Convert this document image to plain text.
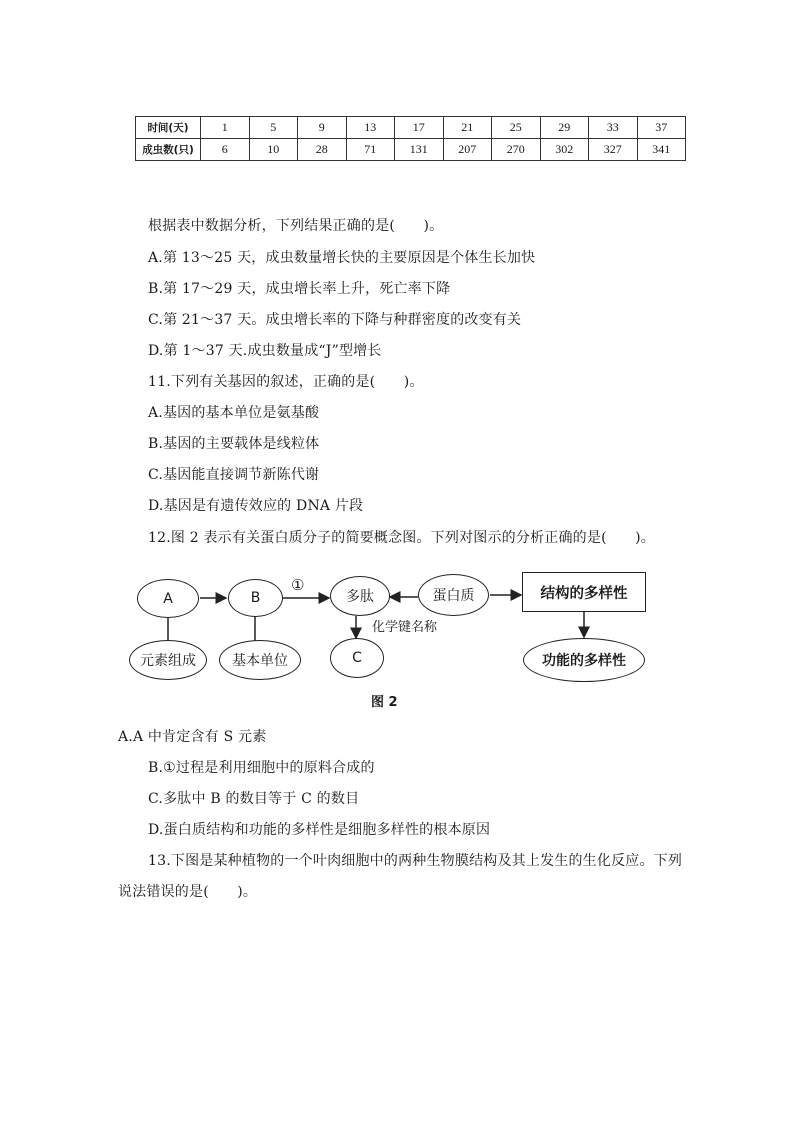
时间(天)	1	5	9	13	17	21	25	29	33	37
成虫数(只)	6	10	28	71	131	207	270	302	327	341
根据表中数据分析，下列结果正确的是(　　)。
A.第 13～25 天，成虫数量增长快的主要原因是个体生长加快
B.第 17～29 天，成虫增长率上升，死亡率下降
C.第 21～37 天。成虫增长率的下降与种群密度的改变有关
D.第 1～37 天.成虫数量成“J”型增长
11.下列有关基因的叙述，正确的是(　　)。
A.基因的基本单位是氨基酸
B.基因的主要载体是线粒体
C.基因能直接调节新陈代谢
D.基因是有遗传效应的 DNA 片段
12.图 2 表示有关蛋白质分子的简要概念图。下列对图示的分析正确的是(　　)。
A	B
①
多肽	蛋白质	结构的多样性
化学键名称
元素组成	基本单位	C	功能的多样性
图 2
A.A 中肯定含有 S 元素
B.①过程是利用细胞中的原料合成的
C.多肽中 B 的数目等于 C 的数目
D.蛋白质结构和功能的多样性是细胞多样性的根本原因
13.下图是某种植物的一个叶肉细胞中的两种生物膜结构及其上发生的生化反应。下列
说法错误的是(　　)。
